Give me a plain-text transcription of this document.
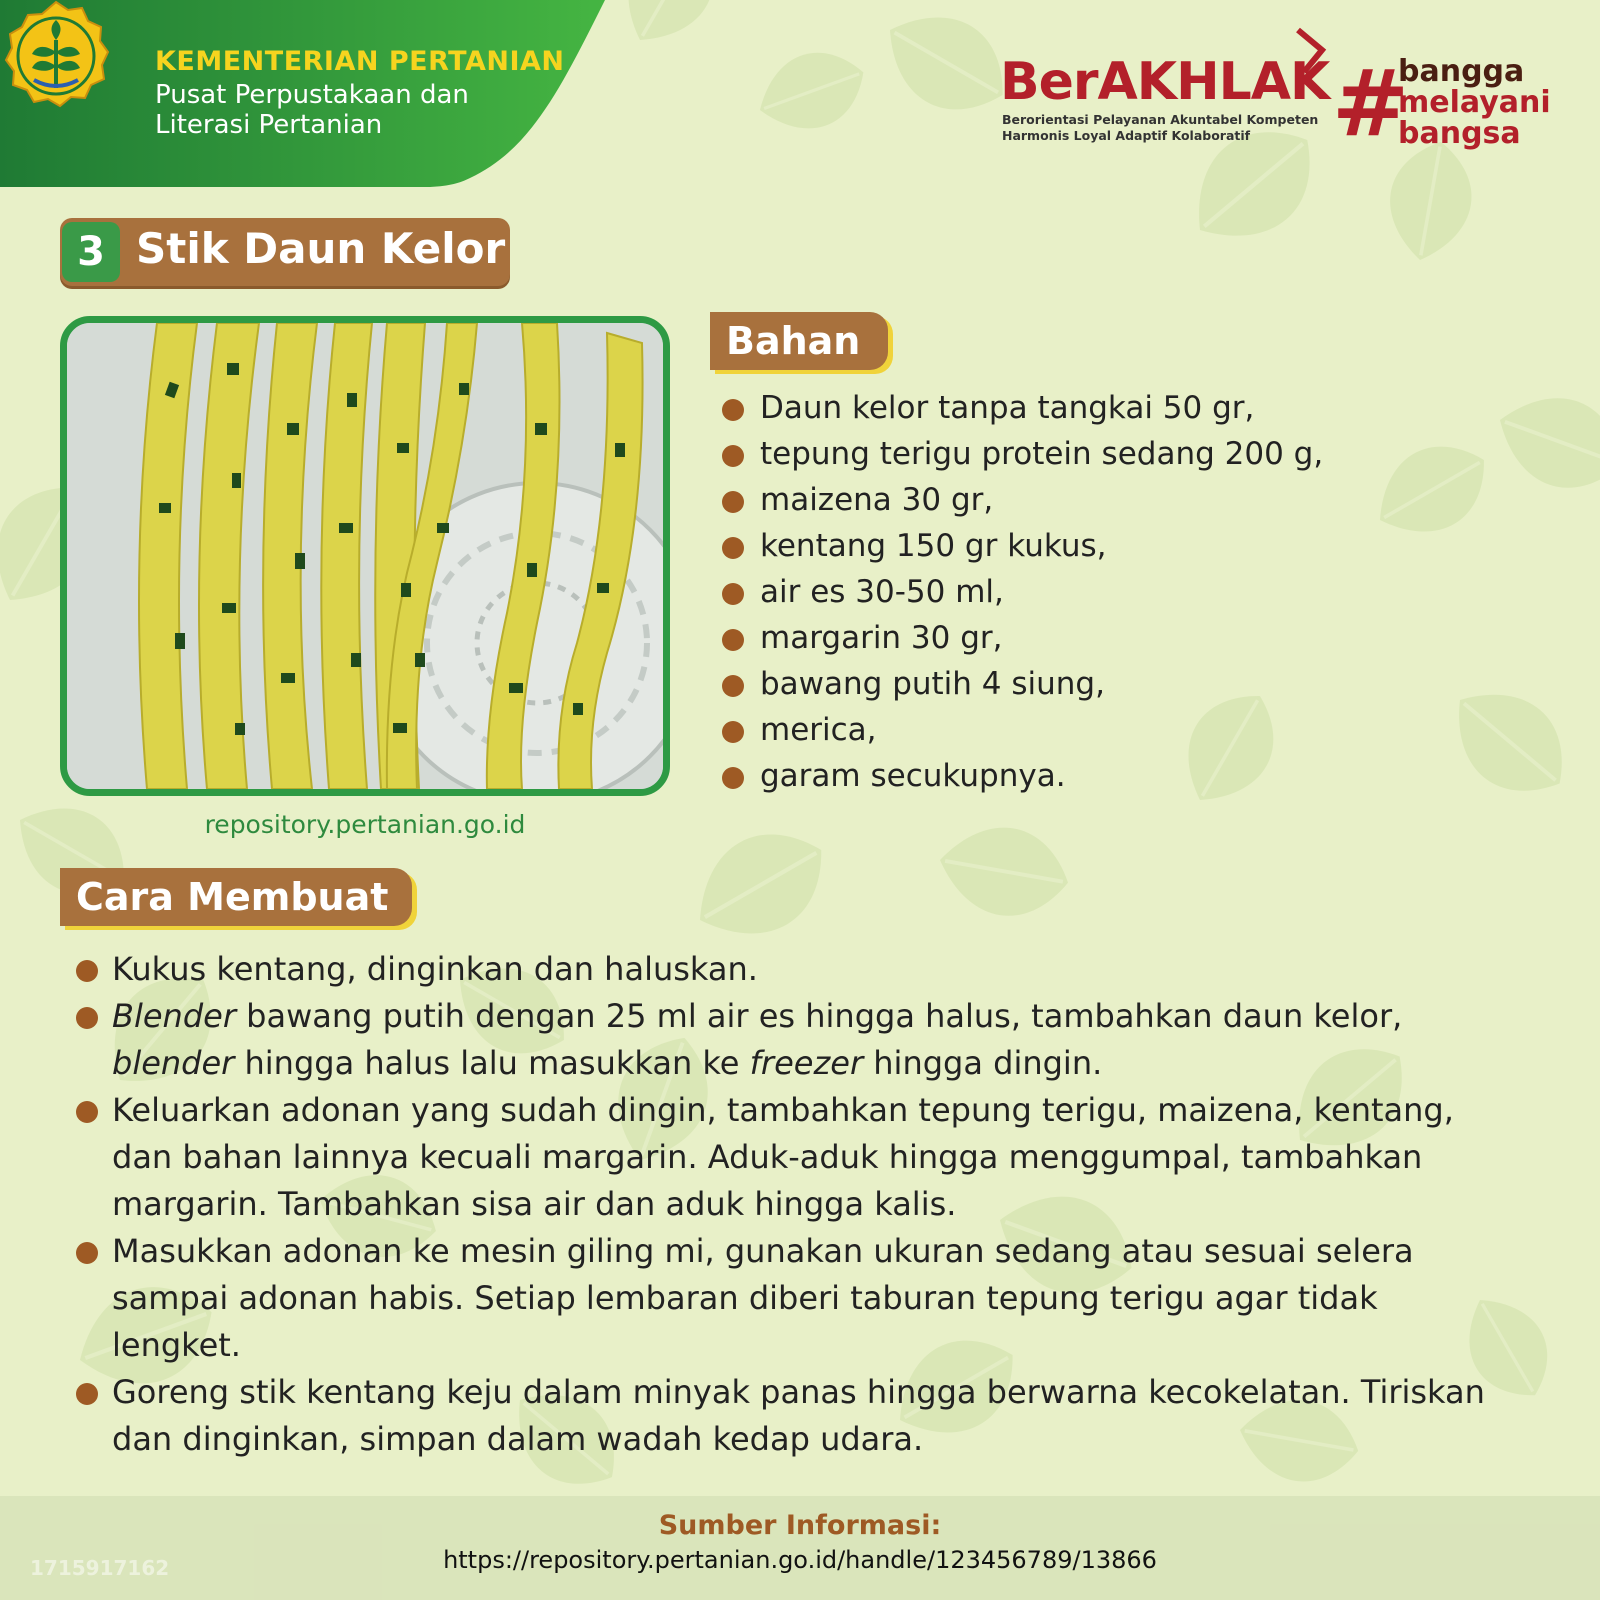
KEMENTERIAN PERTANIAN
Pusat Perpustakaan dan
Literasi Pertanian
BerAKHLAK
Berorientasi Pelayanan Akuntabel Kompeten
Harmonis Loyal Adaptif Kolaboratif #
bangga
melayani
bangsa
3 Stik Daun Kelor
repository.pertanian.go.id
Bahan
Daun kelor tanpa tangkai 50 gr,
tepung terigu protein sedang 200 g,
maizena 30 gr,
kentang 150 gr kukus,
air es 30-50 ml,
margarin 30 gr,
bawang putih 4 siung,
merica,
garam secukupnya.
Cara Membuat
Kukus kentang, dinginkan dan haluskan.
Blender bawang putih dengan 25 ml air es hingga halus, tambahkan daun kelor,
blender hingga halus lalu masukkan ke freezer hingga dingin.
Keluarkan adonan yang sudah dingin, tambahkan tepung terigu, maizena, kentang, dan bahan lainnya kecuali margarin. Aduk-aduk hingga menggumpal, tambahkan margarin. Tambahkan sisa air dan aduk hingga kalis.
Masukkan adonan ke mesin giling mi, gunakan ukuran sedang atau sesuai selera sampai adonan habis. Setiap lembaran diberi taburan tepung terigu agar tidak lengket.
Goreng stik kentang keju dalam minyak panas hingga berwarna kecokelatan. Tiriskan dan dinginkan, simpan dalam wadah kedap udara.
Sumber Informasi:
https://repository.pertanian.go.id/handle/123456789/13866
1715917162
